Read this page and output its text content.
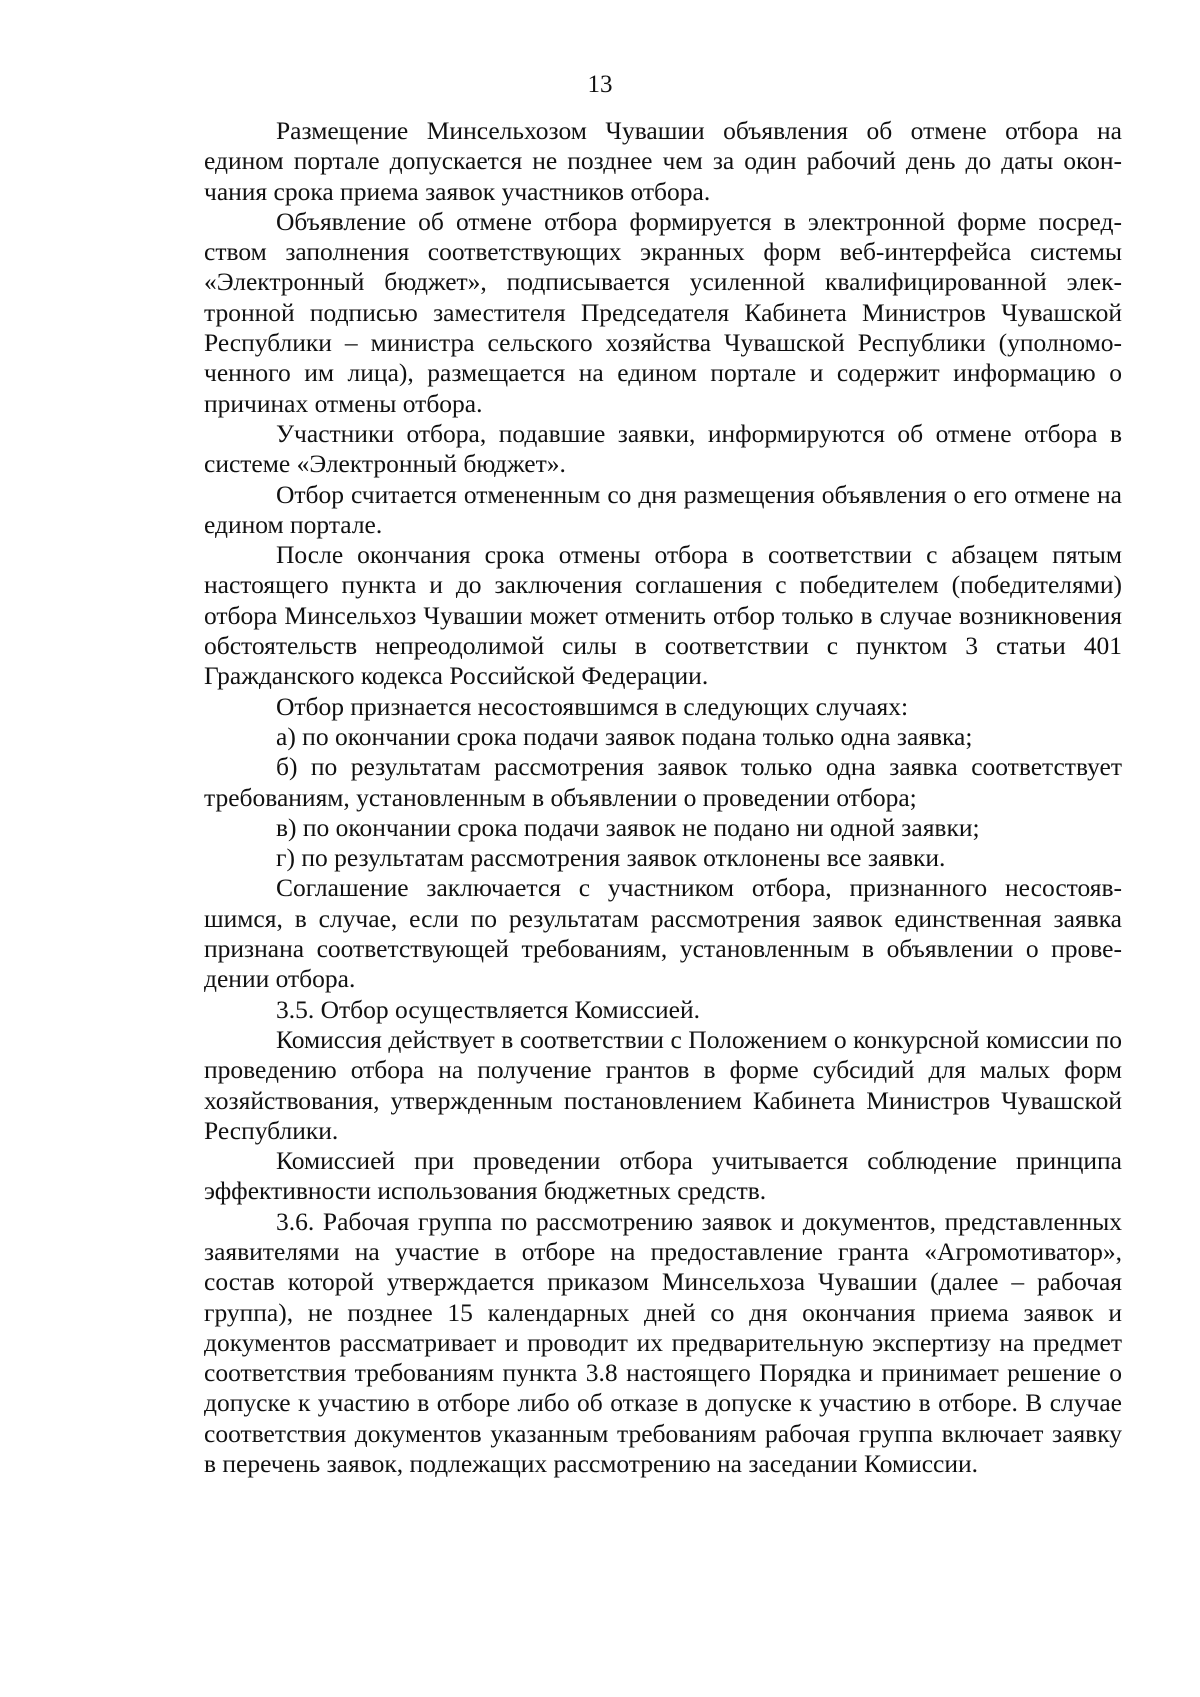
13

Размещение Минсельхозом Чувашии объявления об отмене отбора на едином портале допускается не позднее чем за один рабочий день до даты окончания срока приема заявок участников отбора.

Объявление об отмене отбора формируется в электронной форме посредством заполнения соответствующих экранных форм веб-интерфейса системы «Электронный бюджет», подписывается усиленной квалифицированной электронной подписью заместителя Председателя Кабинета Министров Чувашской Республики – министра сельского хозяйства Чувашской Республики (уполномоченного им лица), размещается на едином портале и содержит информацию о причинах отмены отбора.

Участники отбора, подавшие заявки, информируются об отмене отбора в системе «Электронный бюджет».

Отбор считается отмененным со дня размещения объявления о его отмене на едином портале.

После окончания срока отмены отбора в соответствии с абзацем пятым настоящего пункта и до заключения соглашения с победителем (победителями) отбора Минсельхоз Чувашии может отменить отбор только в случае возникновения обстоятельств непреодолимой силы в соответствии с пунктом 3 статьи 401 Гражданского кодекса Российской Федерации.

Отбор признается несостоявшимся в следующих случаях:

а) по окончании срока подачи заявок подана только одна заявка;

б) по результатам рассмотрения заявок только одна заявка соответствует требованиям, установленным в объявлении о проведении отбора;

в) по окончании срока подачи заявок не подано ни одной заявки;

г) по результатам рассмотрения заявок отклонены все заявки.

Соглашение заключается с участником отбора, признанного несостоявшимся, в случае, если по результатам рассмотрения заявок единственная заявка признана соответствующей требованиям, установленным в объявлении о проведении отбора.

3.5. Отбор осуществляется Комиссией.

Комиссия действует в соответствии с Положением о конкурсной комиссии по проведению отбора на получение грантов в форме субсидий для малых форм хозяйствования, утвержденным постановлением Кабинета Министров Чувашской Республики.

Комиссией при проведении отбора учитывается соблюдение принципа эффективности использования бюджетных средств.

3.6. Рабочая группа по рассмотрению заявок и документов, представленных заявителями на участие в отборе на предоставление гранта «Агромотиватор», состав которой утверждается приказом Минсельхоза Чувашии (далее – рабочая группа), не позднее 15 календарных дней со дня окончания приема заявок и документов рассматривает и проводит их предварительную экспертизу на предмет соответствия требованиям пункта 3.8 настоящего Порядка и принимает решение о допуске к участию в отборе либо об отказе в допуске к участию в отборе. В случае соответствия документов указанным требованиям рабочая группа включает заявку в перечень заявок, подлежащих рассмотрению на заседании Комиссии.
